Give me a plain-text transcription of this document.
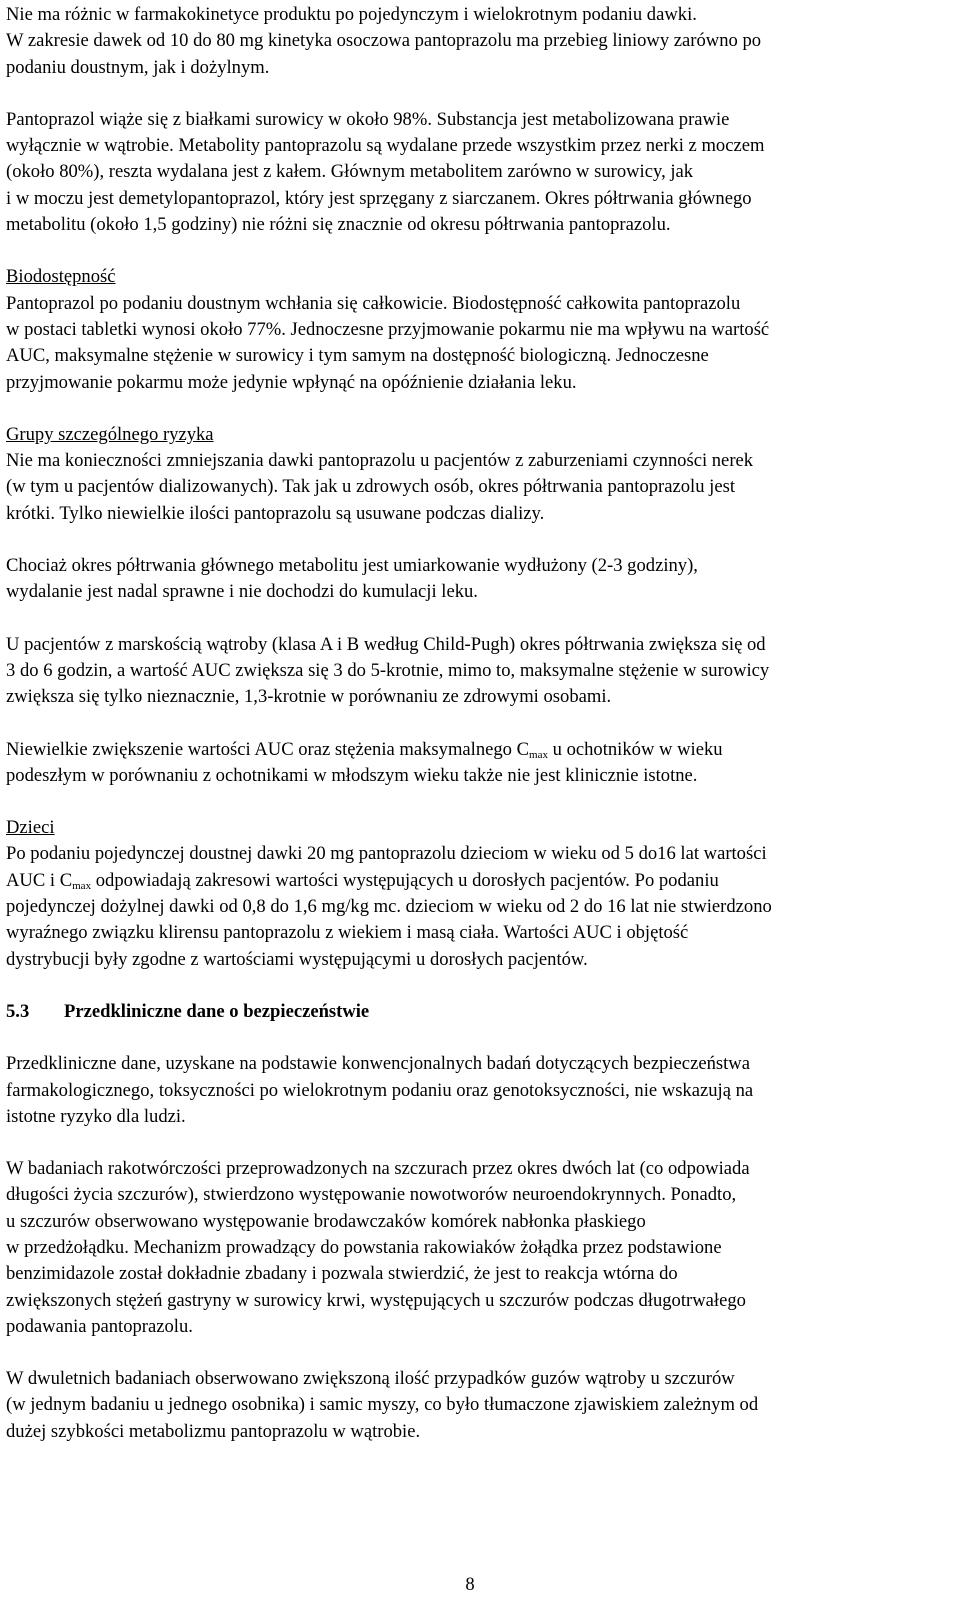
Nie ma różnic w farmakokinetyce produktu po pojedynczym i wielokrotnym podaniu dawki.
W zakresie dawek od 10 do 80 mg kinetyka osoczowa pantoprazolu ma przebieg liniowy zarówno po
podaniu doustnym, jak i dożylnym.

Pantoprazol wiąże się z białkami surowicy w około 98%. Substancja jest metabolizowana prawie
wyłącznie w wątrobie. Metabolity pantoprazolu są wydalane przede wszystkim przez nerki z moczem
(około 80%), reszta wydalana jest z kałem. Głównym metabolitem zarówno w surowicy, jak
i w moczu jest demetylopantoprazol, który jest sprzęgany z siarczanem. Okres półtrwania głównego
metabolitu (około 1,5 godziny) nie różni się znacznie od okresu półtrwania pantoprazolu.

Biodostępność
Pantoprazol po podaniu doustnym wchłania się całkowicie. Biodostępność całkowita pantoprazolu
w postaci tabletki wynosi około 77%. Jednoczesne przyjmowanie pokarmu nie ma wpływu na wartość
AUC, maksymalne stężenie w surowicy i tym samym na dostępność biologiczną. Jednoczesne
przyjmowanie pokarmu może jedynie wpłynąć na opóźnienie działania leku.

Grupy szczególnego ryzyka
Nie ma konieczności zmniejszania dawki pantoprazolu u pacjentów z zaburzeniami czynności nerek
(w tym u pacjentów dializowanych). Tak jak u zdrowych osób, okres półtrwania pantoprazolu jest
krótki. Tylko niewielkie ilości pantoprazolu są usuwane podczas dializy.

Chociaż okres półtrwania głównego metabolitu jest umiarkowanie wydłużony (2-3 godziny),
wydalanie jest nadal sprawne i nie dochodzi do kumulacji leku.

U pacjentów z marskością wątroby (klasa A i B według Child-Pugh) okres półtrwania zwiększa się od
3 do 6 godzin, a wartość AUC zwiększa się 3 do 5-krotnie, mimo to, maksymalne stężenie w surowicy
zwiększa się tylko nieznacznie, 1,3-krotnie w porównaniu ze zdrowymi osobami.

Niewielkie zwiększenie wartości AUC oraz stężenia maksymalnego $C_{max}$ u ochotników w wieku
podeszłym w porównaniu z ochotnikami w młodszym wieku także nie jest klinicznie istotne.

Dzieci
Po podaniu pojedynczej doustnej dawki 20 mg pantoprazolu dzieciom w wieku od 5 do16 lat wartości
AUC i $C_{max}$ odpowiadają zakresowi wartości występujących u dorosłych pacjentów. Po podaniu
pojedynczej dożylnej dawki od 0,8 do 1,6 mg/kg mc. dzieciom w wieku od 2 do 16 lat nie stwierdzono
wyraźnego związku klirensu pantoprazolu z wiekiem i masą ciała. Wartości AUC i objętość
dystrybucji były zgodne z wartościami występującymi u dorosłych pacjentów.

5.3 Przedkliniczne dane o bezpieczeństwie

Przedkliniczne dane, uzyskane na podstawie konwencjonalnych badań dotyczących bezpieczeństwa
farmakologicznego, toksyczności po wielokrotnym podaniu oraz genotoksyczności, nie wskazują na
istotne ryzyko dla ludzi.

W badaniach rakotwórczości przeprowadzonych na szczurach przez okres dwóch lat (co odpowiada
długości życia szczurów), stwierdzono występowanie nowotworów neuroendokrynnych. Ponadto,
u szczurów obserwowano występowanie brodawczaków komórek nabłonka płaskiego
w przedżołądku. Mechanizm prowadzący do powstania rakowiaków żołądka przez podstawione
benzimidazole został dokładnie zbadany i pozwala stwierdzić, że jest to reakcja wtórna do
zwiększonych stężeń gastryny w surowicy krwi, występujących u szczurów podczas długotrwałego
podawania pantoprazolu.

W dwuletnich badaniach obserwowano zwiększoną ilość przypadków guzów wątroby u szczurów
(w jednym badaniu u jednego osobnika) i samic myszy, co było tłumaczone zjawiskiem zależnym od
dużej szybkości metabolizmu pantoprazolu w wątrobie.

8
